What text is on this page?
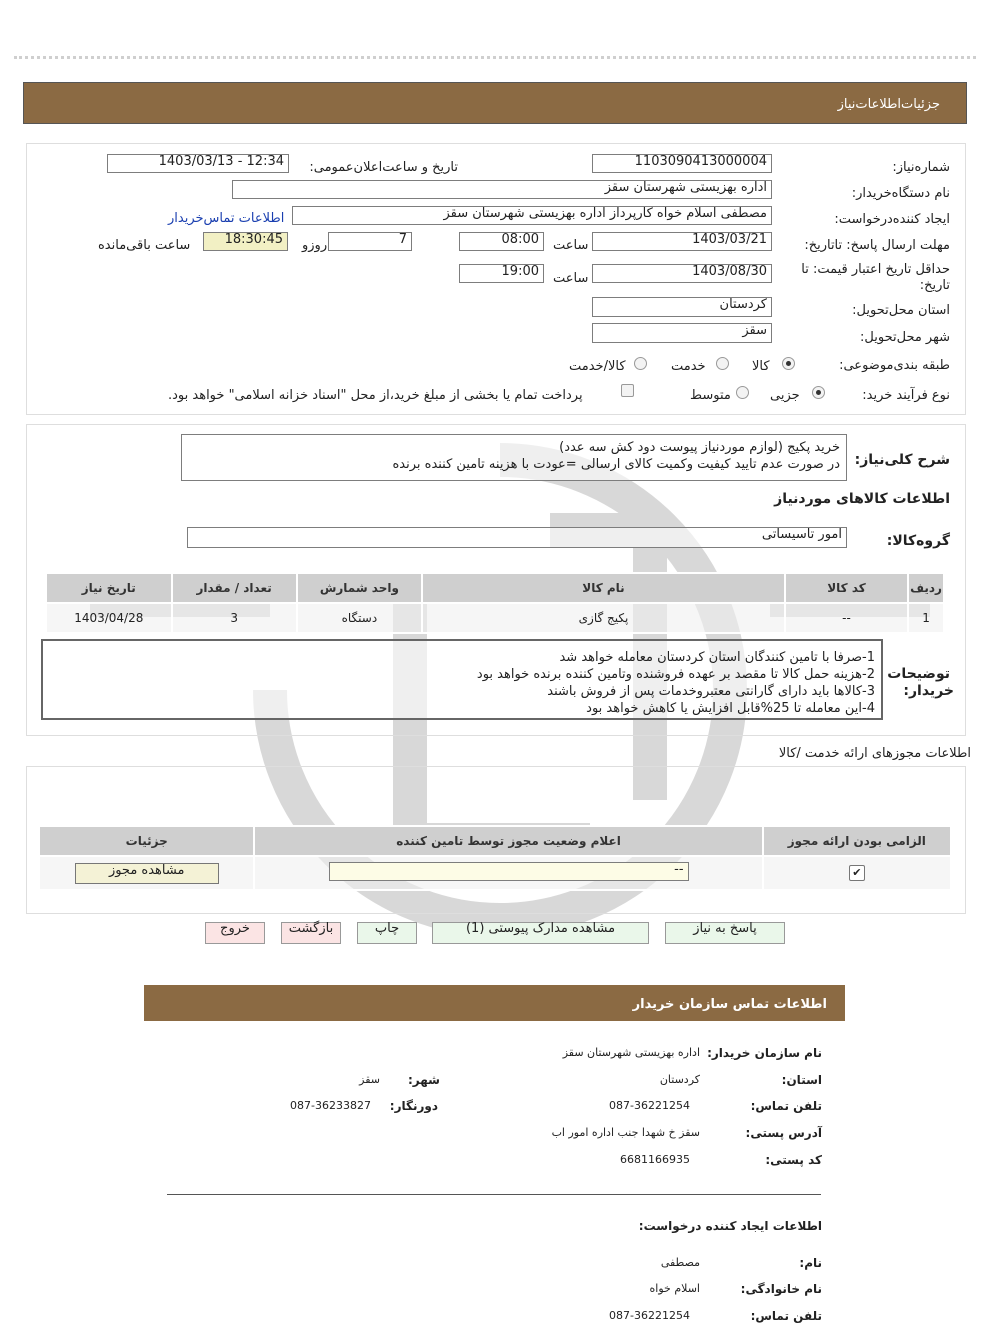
جزئیات‌اطلاعات‌نیاز
شماره‌نیاز:
1103090413000004
تاریخ و ساعت‌اعلان‌عمومی:
1403/03/13 - 12:34
نام دستگاه‌خریدار:
اداره بهزیستی شهرستان سقز
ایجاد کننده‌درخواست:
مصطفی اسلام خواه کارپرداز اداره بهزیستی شهرستان سقز
اطلاعات تماس‌خریدار
مهلت ارسال پاسخ: تاتاریخ:
1403/03/21
ساعت
08:00
7
روزو
18:30:45
ساعت باقی‌مانده
حداقل تاریخ اعتبار قیمت: تا تاریخ:
1403/08/30
ساعت
19:00
استان محل‌تحویل:
کردستان
شهر محل‌تحویل:
سقز
طبقه بندی‌موضوعی:
کالا
خدمت
کالا/خدمت
نوع فرآیند خرید:
جزیی
متوسط
پرداخت تمام یا بخشی از مبلغ خرید،از محل "اسناد خزانه اسلامی" خواهد بود.
شرح کلی‌نیاز:
خرید پکیج (لوازم موردنیاز پیوست دود کش سه عدد)
در صورت عدم تایید کیفیت وکمیت کالای ارسالی =عودت با هزینه تامین کننده برنده
اطلاعات کالاهای موردنیاز
گروه‌کالا:
امور تاسیساتی
ردیف	کد کالا	نام کالا	واحد شمارش	تعداد / مقدار	تاریخ نیاز
1	--	پکیج گازی	دستگاه	3	1403/04/28
توضیحات
خریدار:
1-صرفا با تامین کنندگان استان کردستان معامله خواهد شد
2-هزینه حمل کالا تا مقصد بر عهده فروشنده وتامین کننده برنده خواهد بود
3-کالاها باید دارای گارانتی معتبروخدمات پس از فروش باشند
4-این معامله تا 25%قابل افزایش یا کاهش خواهد بود
اطلاعات مجوزهای ارائه خدمت /کالا
الزامی بودن ارائه مجوز	اعلام وضعیت مجوز توسط تامین کننده	جزئیات
✔	--	مشاهده مجوز
پاسخ به نیاز
مشاهده مدارک پیوستی (1)
چاپ
بازگشت
خروج
اطلاعات تماس سازمان خریدار
نام سازمان خریدار:
اداره بهزیستی شهرستان سقز
استان:
کردستان
شهر:
سقز
تلفن تماس:
087-36221254
دورنگار:
087-36233827
آدرس پستی:
سقز خ شهدا جنب اداره امور اب
کد پستی:
6681166935
اطلاعات ایجاد کننده درخواست:
نام:
مصطفی
نام خانوادگی:
اسلام خواه
تلفن تماس:
087-36221254
